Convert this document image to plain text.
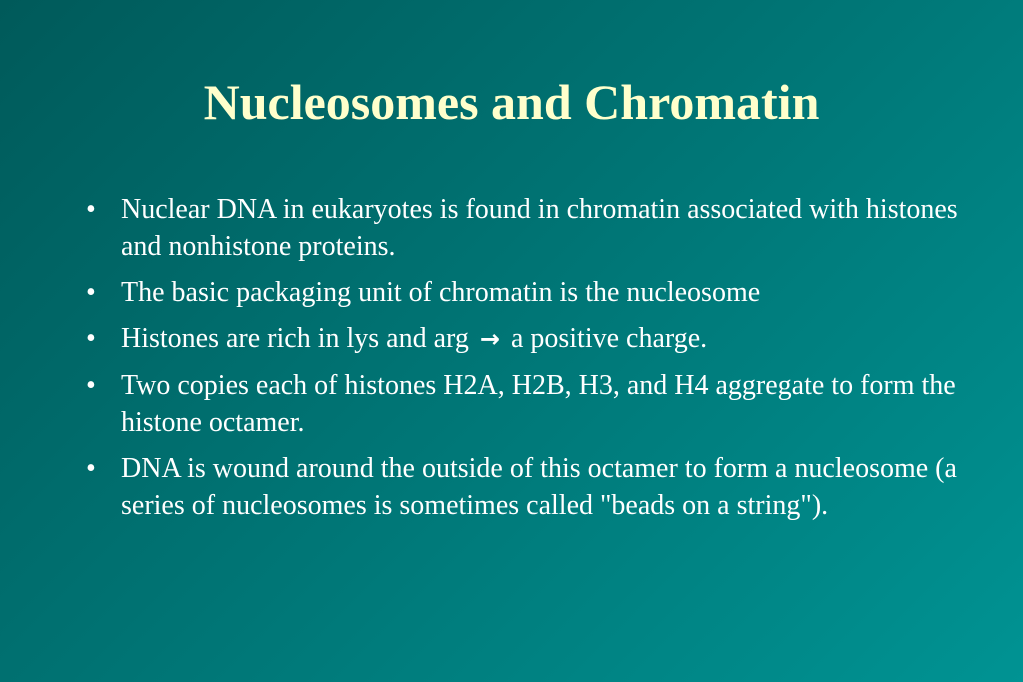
Nucleosomes and Chromatin
• Nuclear DNA in eukaryotes is found in chromatin associated with histones and nonhistone proteins.
• The basic packaging unit of chromatin is the nucleosome
• Histones are rich in lys and arg → a positive charge.
• Two copies each of histones H2A, H2B, H3, and H4 aggregate to form the histone octamer.
• DNA is wound around the outside of this octamer to form a nucleosome (a series of nucleosomes is sometimes called "beads on a string").
